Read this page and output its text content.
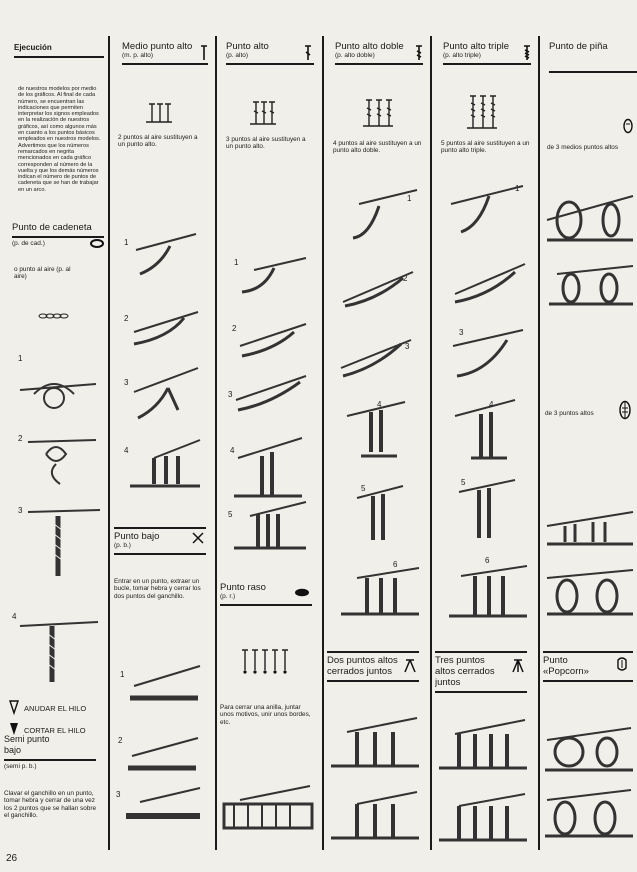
Ejecución
de nuestros modelos por medio de los gráficos. Al final de cada número, se encuentran las indicaciones que permiten interpretar los signos empleados en la realización de nuestros gráficos, así como algunos más en cuanto a los puntos básicos empleados en nuestros modelos. Advertimos que los números remarcados en negrita mencionados en cada gráfico corresponden al número de la vuelta y que los demás números indican el número de puntos de cadeneta que se han de trabajar en un arco.
Punto de cadeneta
(p. de cad.)
o punto al aire (p. al aire)
1
2
3
4
ANUDAR EL HILO
CORTAR EL HILO
Semi punto bajo
(semi p. b.)
Clavar el ganchillo en un punto, tomar hebra y cerrar de una vez los 2 puntos que se hallan sobre el ganchillo.
Medio punto alto
(m. p. alto)
2 puntos al aire sustituyen a un punto alto.
1
2
3
4
Punto bajo
(p. b.)
Entrar en un punto, extraer un bucle, tomar hebra y cerrar los dos puntos del ganchillo.
1
2
3
Punto alto
(p. alto)
3 puntos al aire sustituyen a un punto alto.
1
2
3
4
5
Punto raso
(p. r.)
Para cerrar una anilla, juntar unos motivos, unir unos bordes, etc.
Punto alto doble
(p. alto doble)
4 puntos al aire sustituyen a un punto alto doble.
1
2
3
4
5
6
Dos puntos altos cerrados juntos
Punto alto triple
(p. alto triple)
5 puntos al aire sustituyen a un punto alto triple.
1
3
4
5
6
Tres puntos altos cerrados juntos
Punto de piña
de 3 medios puntos altos
de 3 puntos altos
Punto «Popcorn»
26
